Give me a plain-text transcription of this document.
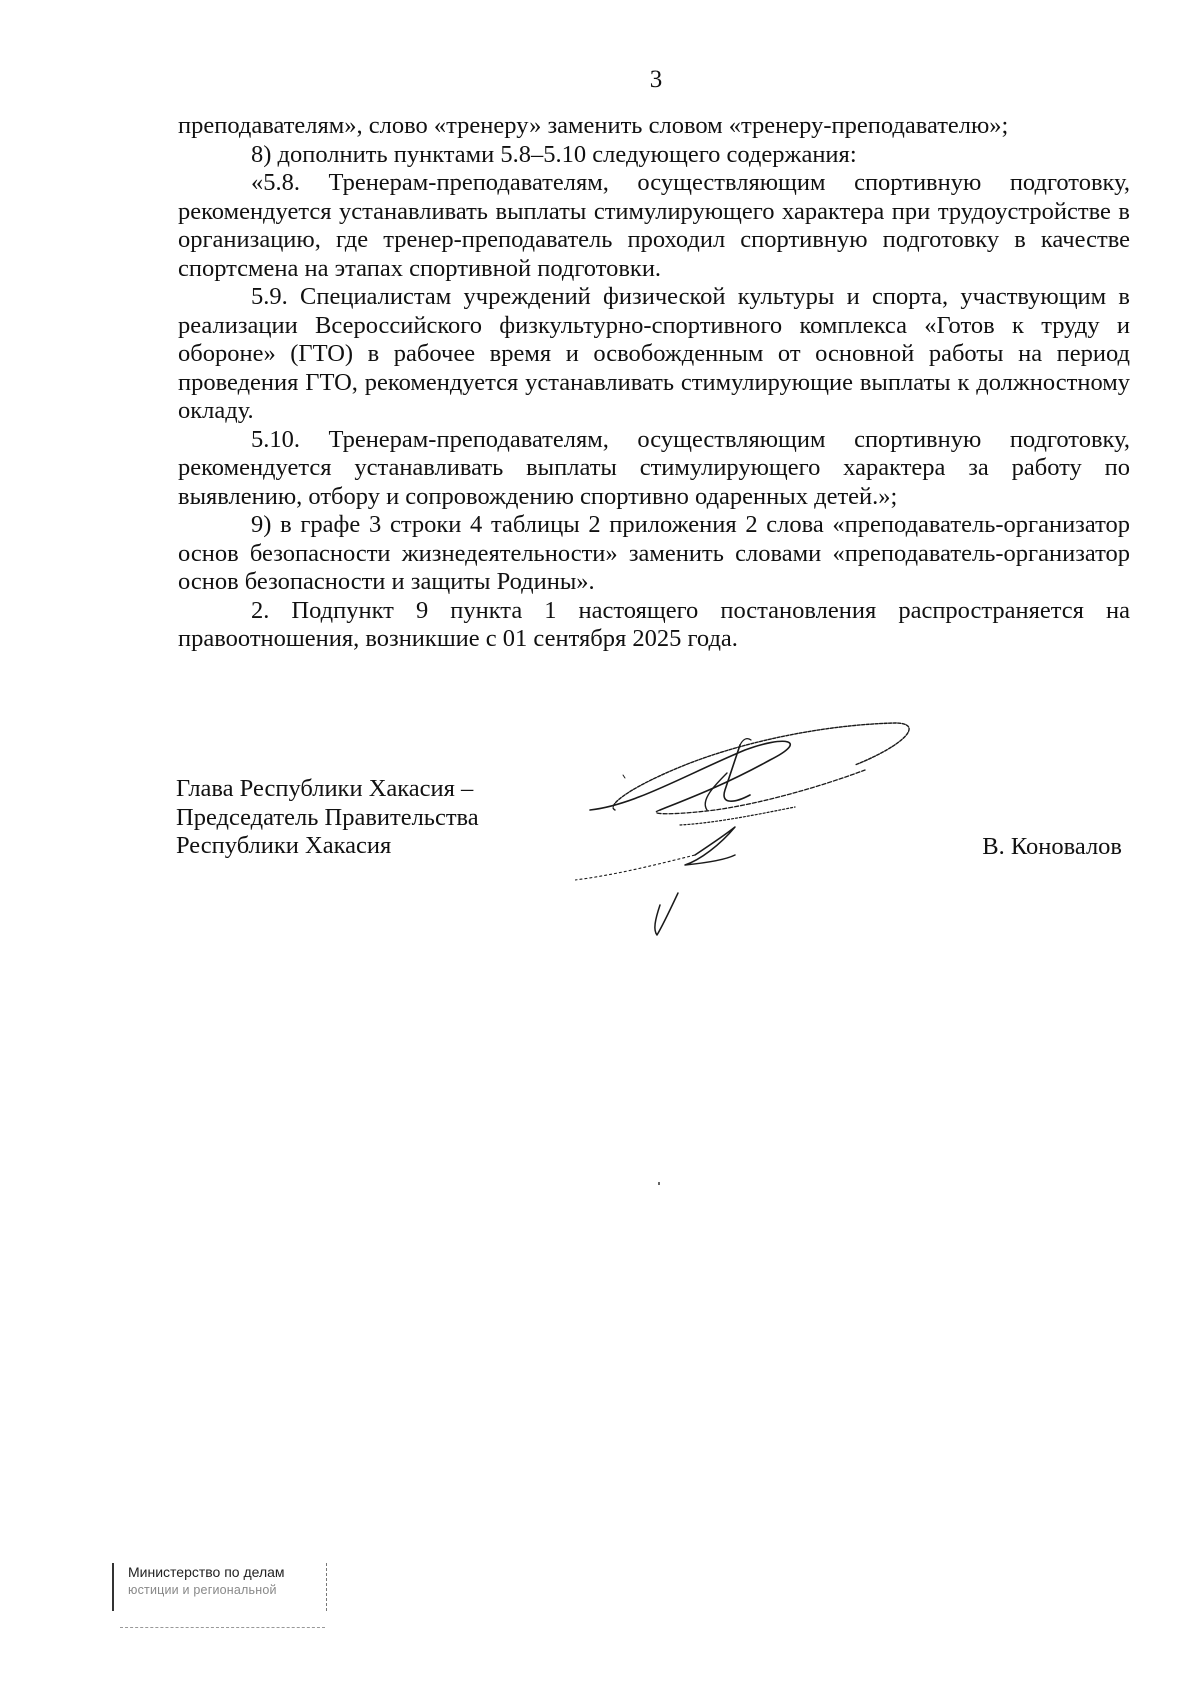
3

преподавателям», слово «тренеру» заменить словом «тренеру-преподавателю»;

8) дополнить пунктами 5.8–5.10 следующего содержания:

«5.8. Тренерам-преподавателям, осуществляющим спортивную подготовку, рекомендуется устанавливать выплаты стимулирующего характера при трудоустройстве в организацию, где тренер-преподаватель проходил спортивную подготовку в качестве спортсмена на этапах спортивной подготовки.

5.9. Специалистам учреждений физической культуры и спорта, участвующим в реализации Всероссийского физкультурно-спортивного комплекса «Готов к труду и обороне» (ГТО) в рабочее время и освобожденным от основной работы на период проведения ГТО, рекомендуется устанавливать стимулирующие выплаты к должностному окладу.

5.10. Тренерам-преподавателям, осуществляющим спортивную подготовку, рекомендуется устанавливать выплаты стимулирующего характера за работу по выявлению, отбору и сопровождению спортивно одаренных детей.»;

9) в графе 3 строки 4 таблицы 2 приложения 2 слова «преподаватель-организатор основ безопасности жизнедеятельности» заменить словами «преподаватель-организатор основ безопасности и защиты Родины».

2. Подпункт 9 пункта 1 настоящего постановления распространяется на правоотношения, возникшие с 01 сентября 2025 года.

Глава Республики Хакасия –
Председатель Правительства
Республики Хакасия	В. Коновалов
Министерство по делам
юстиции и региональной
